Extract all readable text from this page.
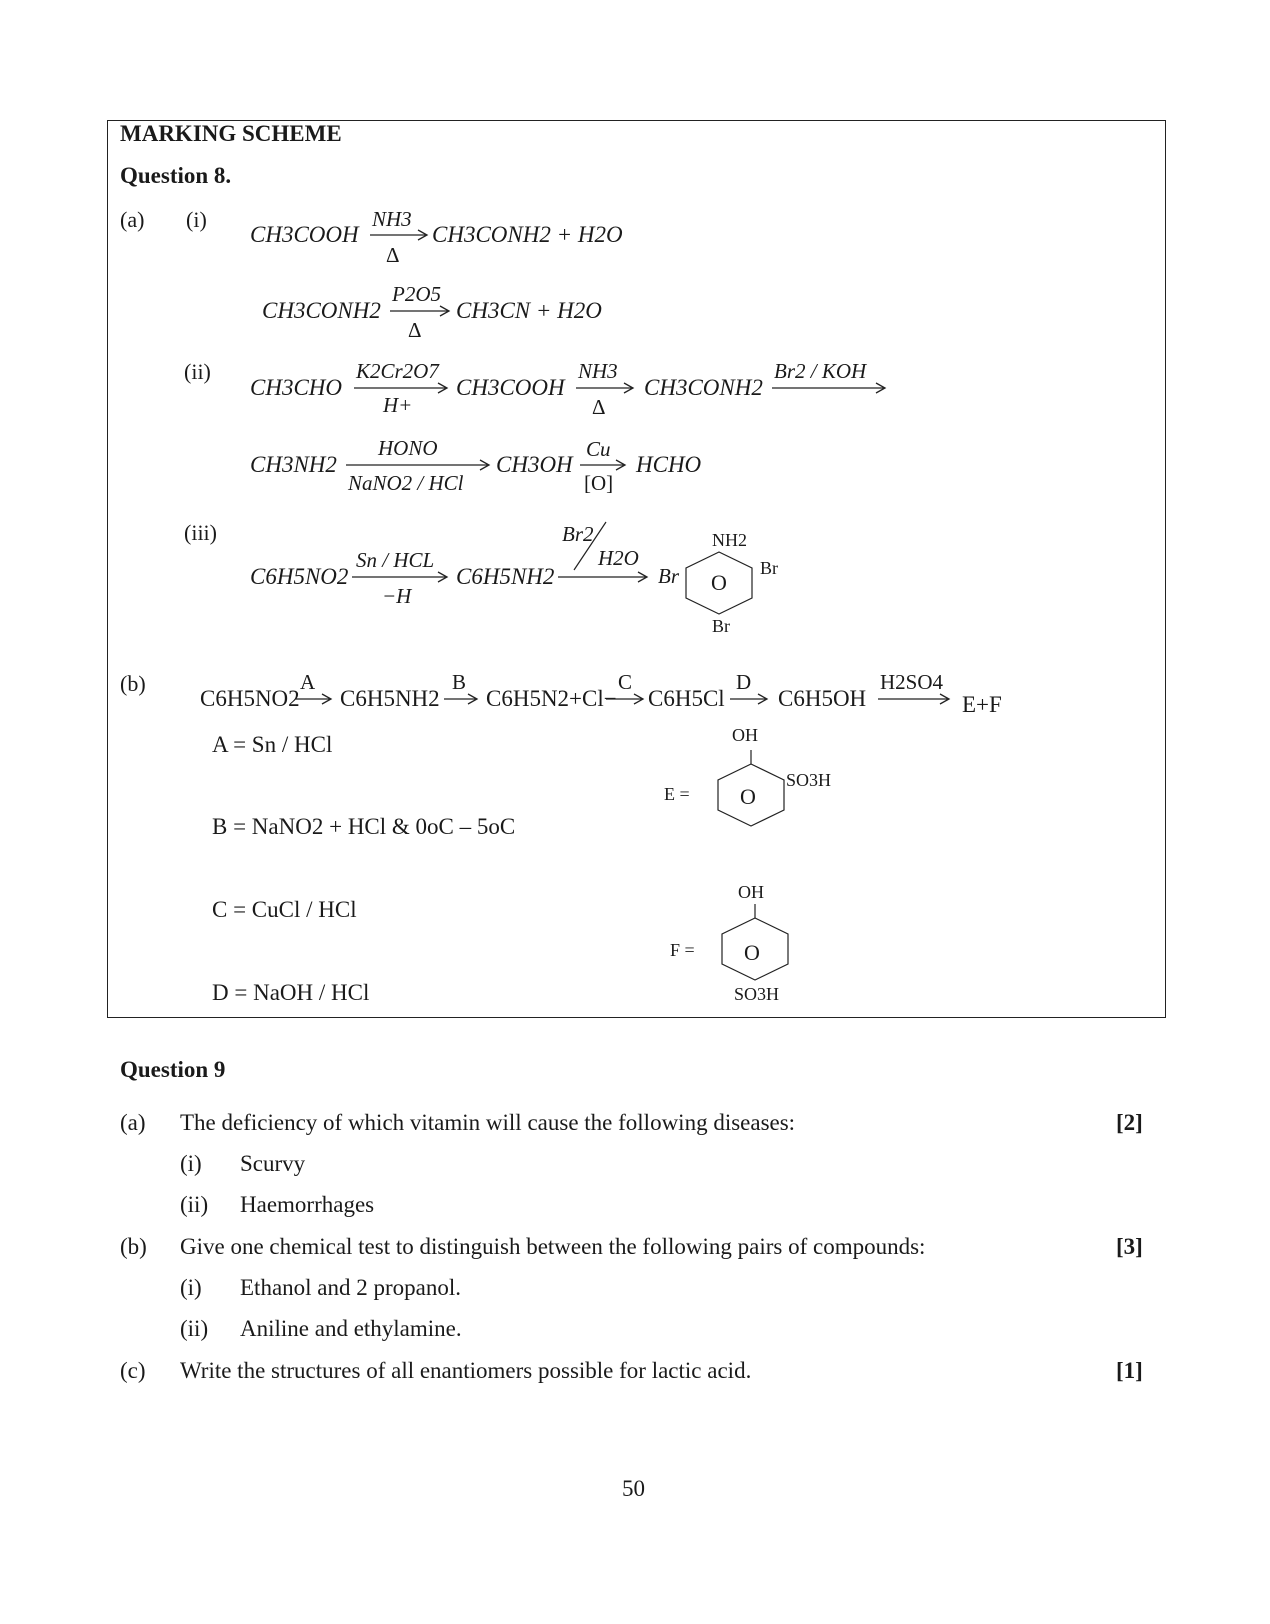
MARKING SCHEME
Question 8.
(a) (i)
CH3COOH
NH3
Δ
→ CH3CONH2 + H2O
CH3CONH2
P2O5
Δ
→ CH3CN + H2O
(ii)
CH3CHO
K2Cr2O7
H+
CH3COOH
NH3
Δ
→ CH3CONH2
Br2 / KOH
CH3NH2
HONO
NaNO2 / HCl
CH3OH
Cu
[O]
→ HCHO
(iii)
C6H5NO2
Sn / HCL
−H
C6H5NH2
Br2
H2O
NH2
Br	Br
Br
O
(b)
C6H5NO2
A
→ C6H5NH2
B
→ C6H5N2+Cl−
C
→ C6H5Cl
D
→ C6H5OH
H2SO4
E+F
A = Sn / HCl
B = NaNO2 + HCl & 0oC – 5oC
C = CuCl / HCl
D = NaOH / HCl
OH
E =
SO3H
O
OH
F = O
SO3H
Question 9
(a) The deficiency of which vitamin will cause the following diseases:	[2]
(i) Scurvy
(ii) Haemorrhages
(b) Give one chemical test to distinguish between the following pairs of compounds:	[3]
(i) Ethanol and 2 propanol.
(ii) Aniline and ethylamine.
(c) Write the structures of all enantiomers possible for lactic acid.	[1]
50
